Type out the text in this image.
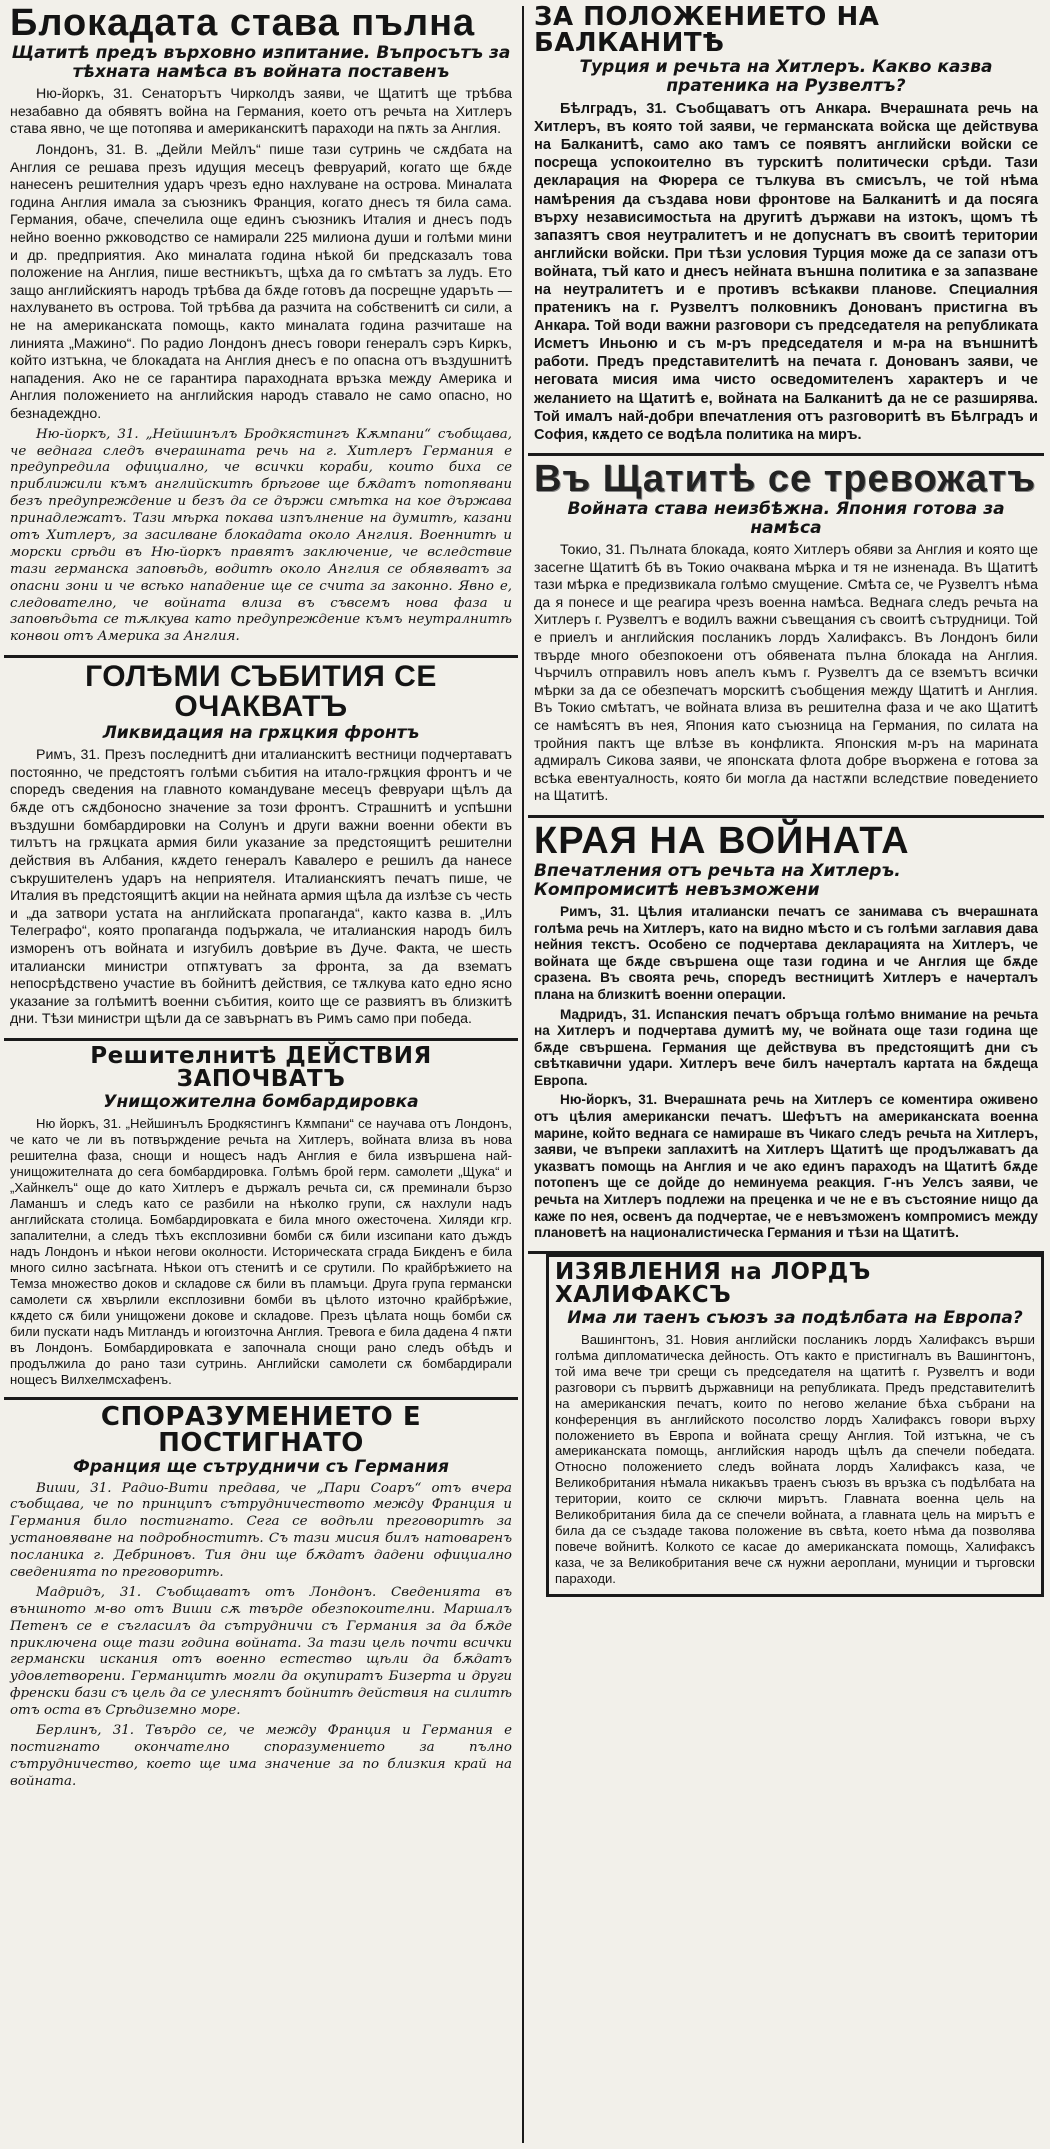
Блокадата става пълна
Щатитѣ предъ върховно изпитание. Въпросътъ за тѣхната намѣса въ войната поставенъ

Ню-йоркъ, 31. Сенаторътъ Чирколдъ заяви, че Щатитѣ ще трѣбва незабавно да обявятъ война на Германия, което отъ речьта на Хитлеръ става явно, че ще потопява и американскитѣ параходи на пѫть за Англия.

Лондонъ, 31. В. „Дейли Мейлъ“ пише тази сутринь че сѫдбата на Англия се решава презъ идущия месецъ февруарий, когато ще бѫде нанесенъ решителния ударъ чрезъ едно нахлуване на острова. Миналата година Англия имала за съюзникъ Франция, когато днесъ тя била сама. Германия, обаче, спечелила още единъ съюзникъ Италия и днесъ подъ нейно военно ржководство се намирали 225 милиона души и голѣми мини и др. предприятия. Ако миналата година нѣкой би предсказалъ това положение на Англия, пише вестникътъ, щѣха да го смѣтатъ за лудъ. Ето защо английскиятъ народъ трѣбва да бѫде готовъ да посрещне ударъть — нахлуването въ острова. Той трѣбва да разчита на собственитѣ си сили, а не на американската помощь, както миналата година разчиташе на линията „Мажино“. По радио Лондонъ днесъ говори генералъ сэръ Киркъ, който изтъкна, че блокадата на Англия днесъ е по опасна отъ въздушнитѣ нападения. Ако не се гарантира параходната връзка между Америка и Англия положението на английския народъ ставало не само опасно, но безнадеждно.

Ню-йоркъ, 31. „Нейшинълъ Бродкястингъ Кѫмпани“ съобщава, че веднага следъ вчерашната речь на г. Хитлеръ Германия е предупредила официално, че всички кораби, които биха се приближили къмъ английскитѣ брѣгове ще бѫдатъ потопявани безъ предупреждение и безъ да се държи смѣтка на кое държава принадлежатъ. Тази мѣрка покава изпълнение на думитѣ, казани отъ Хитлеръ, за засилване блокадата около Англия. Военнитѣ и морски срѣди въ Ню-йоркъ правятъ заключение, че вследствие тази германска заповѣдь, водитѣ около Англия се обявяватъ за опасни зони и че всѣко нападение ще се счита за законно. Явно е, следователно, че войната влиза въ съвсемъ нова фаза и заповѣдьта се тѫлкува като предупреждение къмъ неутралнитѣ конвои отъ Америка за Англия.

ГОЛѢМИ СЪБИТИЯ СЕ ОЧАКВАТЪ
Ликвидация на грѫцкия фронтъ

Римъ, 31. Презъ последнитѣ дни италианскитѣ вестници подчертаватъ постоянно, че предстоятъ голѣми събития на итало-грѫцкия фронтъ и че споредъ сведения на главното командуване месецъ февруари щѣлъ да бѫде отъ сѫдбоносно значение за този фронтъ. Страшнитѣ и успѣшни въздушни бомбардировки на Солунъ и други важни военни обекти въ тилътъ на грѫцката армия били указание за предстоящитѣ решителни действия въ Албания, кѫдето генералъ Кавалеро е решилъ да нанесе съкрушителенъ ударъ на неприятеля. Италианскиятъ печатъ пише, че Италия въ предстоящитѣ акции на нейната армия щѣла да излѣзе съ честь и „да затвори устата на английската пропаганда“, както казва в. „Илъ Телеграфо“, която пропаганда подържала, че италианския народъ билъ изморенъ отъ войната и изгубилъ довѣрие въ Дуче. Факта, че шесть италиански министри отпѫтуватъ за фронта, за да взематъ непосрѣдствено участие въ бойнитѣ действия, се тѫлкува като едно ясно указание за голѣмитѣ военни събития, които ще се развиятъ въ близкитѣ дни. Тѣзи министри щѣли да се завърнатъ въ Римъ само при победа.

Решителнитѣ ДЕЙСТВИЯ ЗАПОЧВАТЪ
Унищожителна бомбардировка

Ню йоркъ, 31. „Нейшинълъ Бродкястингъ Кѫмпани“ се научава отъ Лондонъ, че като че ли въ потвърждение речьта на Хитлеръ, войната влиза въ нова решителна фаза, снощи и нощесъ надъ Англия е била извършена най-унищожителната до сега бомбардировка. Голѣмъ брой герм. самолети „Щука“ и „Хайнкелъ“ още до като Хитлеръ е държалъ речьта си, сѫ преминали бързо Ламаншъ и следъ като се разбили на нѣколко групи, сѫ нахлули надъ английската столица. Бомбардировката е била много ожесточена. Хиляди кгр. запалителни, а следъ тѣхъ експлозивни бомби сѫ били изсипани като дъждъ надъ Лондонъ и нѣкои негови околности. Историческата сграда Бикденъ е била много силно засѣгната. Нѣкои отъ стенитѣ и се срутили. По крайбрѣжието на Темза множество доков и складове сѫ били въ пламъци. Друга група германски самолети сѫ хвърлили експлозивни бомби въ цѣлото източно крайбрѣжие, кѫдето сѫ били унищожени докове и складове. Презъ цѣлата нощь бомби сѫ били пускати надъ Митландъ и югоизточна Англия. Тревога е била дадена 4 пѫти въ Лондонъ. Бомбардировката е започнала снощи рано следъ обѣдъ и продължила до рано тази сутринь. Английски самолети сѫ бомбардирали нощесъ Вилхелмсхафенъ.

СПОРАЗУМЕНИЕТО Е ПОСТИГНАТО
Франция ще сътрудничи съ Германия

Виши, 31. Радио-Вити предава, че „Пари Соаръ“ отъ вчера съобщава, че по принципъ сътрудничеството между Франция и Германия било постигнато. Сега се водѣли преговоритѣ за установяване на подробноститѣ. Съ тази мисия билъ натоваренъ посланика г. Дебриновъ. Тия дни ще бѫдатъ дадени официално сведенията по преговоритѣ.

Мадридъ, 31. Съобщаватъ отъ Лондонъ. Сведенията въ външното м-во отъ Виши сѫ твърде обезпокоителни. Маршалъ Петенъ се е съгласилъ да сътрудничи съ Германия за да бѫде приключена още тази година войната. За тази цель почти всички германски искания отъ военно естество щѣли да бѫдатъ удовлетворени. Германцитѣ могли да окупиратъ Бизерта и други френски бази съ цель да се улеснятъ бойнитѣ действия на силитѣ отъ оста въ Срѣдиземно море.

Берлинъ, 31. Твърдо се, че между Франция и Германия е постигнато окончателно споразумението за пълно сътрудничество, което ще има значение за по близкия край на войната.

ЗА ПОЛОЖЕНИЕТО НА БАЛКАНИТѢ
Турция и речьта на Хитлеръ. Какво казва пратеника на Рузвелтъ?

Бѣлградъ, 31. Съобщаватъ отъ Анкара. Вчерашната речь на Хитлеръ, въ която той заяви, че германската войска ще действува на Балканитѣ, само ако тамъ се появятъ английски войски се посреща успокоително въ турскитѣ политически срѣди. Тази декларация на Фюрера се тълкува въ смисълъ, че той нѣма намѣрения да създава нови фронтове на Балканитѣ и да посяга върху независимостьта на другитѣ държави на изтокъ, щомъ тѣ запазятъ своя неутралитетъ и не допуснатъ въ своитѣ територии английски войски. При тѣзи условия Турция може да се запази отъ войната, тъй като и днесъ нейната външна политика е за запазване на неутралитетъ и е противъ всѣкакви планове. Специалния пратеникъ на г. Рузвелтъ полковникъ Донованъ пристигна въ Анкара. Той води важни разговори съ председателя на републиката Исметъ Иньоню и съ м-ръ председателя и м-ра на външнитѣ работи. Предъ представителитѣ на печата г. Донованъ заяви, че неговата мисия има чисто осведомителенъ характеръ и че желанието на Щатитѣ е, войната на Балканитѣ да не се разширява. Той ималъ най-добри впечатления отъ разговоритѣ въ Бѣлградъ и София, кѫдето се водѣла политика на миръ.

Въ Щатитѣ се тревожатъ
Войната става неизбѣжна. Япония готова за намѣса

Токио, 31. Пълната блокада, която Хитлеръ обяви за Англия и която ще засегне Щатитѣ бѣ въ Токио очаквана мѣрка и тя не изненада. Въ Щатитѣ тази мѣрка е предизвикала голѣмо смущение. Смѣта се, че Рузвелтъ нѣма да я понесе и ще реагира чрезъ военна намѣса. Веднага следъ речьта на Хитлеръ г. Рузвелтъ е водилъ важни съвещания съ своитѣ сътрудници. Той е приелъ и английския посланикъ лордъ Халифаксъ. Въ Лондонъ били твърде много обезпокоени отъ обявената пълна блокада на Англия. Чърчилъ отправилъ новъ апелъ къмъ г. Рузвелтъ да се вземътъ всички мѣрки за да се обезпечатъ морскитѣ съобщения между Щатитѣ и Англия. Въ Токио смѣтатъ, че войната влиза въ решителна фаза и че ако Щатитѣ се намѣсятъ въ нея, Япония като съюзница на Германия, по силата на тройния пактъ ще влѣзе въ конфликта. Японския м-ръ на марината адмиралъ Сикова заяви, че японската флота добре въоржена е готова за всѣка евентуалность, която би могла да настѫпи вследствие поведението на Щатитѣ.

КРАЯ НА ВОЙНАТА
Впечатления отъ речьта на Хитлеръ. Компромиситѣ невъзможени

Римъ, 31. Цѣлия италиански печатъ се занимава съ вчерашната голѣма речь на Хитлеръ, като на видно мѣсто и съ голѣми заглавия дава нейния текстъ. Особено се подчертава декларацията на Хитлеръ, че войната ще бѫде свършена още тази година и че Англия ще бѫде сразена. Въ своята речь, споредъ вестницитѣ Хитлеръ е начерталъ плана на близкитѣ военни операции.

Мадридъ, 31. Испанския печатъ обръща голѣмо внимание на речьта на Хитлеръ и подчертава думитѣ му, че войната още тази година ще бѫде свършена. Германия ще действува въ предстоящитѣ дни съ свѣткавични удари. Хитлеръ вече билъ начерталъ картата на бѫдеща Европа.

Ню-йоркъ, 31. Вчерашната речь на Хитлеръ се коментира оживено отъ цѣлия американски печатъ. Шефътъ на американската военна марине, който веднага се намираше въ Чикаго следъ речьта на Хитлеръ, заяви, че въпреки заплахитѣ на Хитлеръ Щатитѣ ще продължаватъ да указватъ помощь на Англия и че ако единъ параходъ на Щатитѣ бѫде потопенъ ще се дойде до неминуема реакция. Г-нъ Уелсъ заяви, че речьта на Хитлеръ подлежи на преценка и че не е въ състояние нищо да каже по нея, освенъ да подчертае, че е невъзможенъ компромисъ между плановетѣ на националистическа Германия и тѣзи на Щатитѣ.

ИЗЯВЛЕНИЯ на ЛОРДЪ ХАЛИФАКСЪ
Има ли таенъ съюзъ за подѣлбата на Европа?

Вашингтонъ, 31. Новия английски посланикъ лордъ Халифаксъ върши голѣма дипломатическа дейность. Отъ както е пристигналъ въ Вашингтонъ, той има вече три срещи съ председателя на щатитѣ г. Рузвелтъ и води разговори съ първитѣ държавници на републиката. Предъ представителитѣ на американския печатъ, които по негово желание бѣха събрани на конференция въ английското посолство лордъ Халифаксъ говори върху положението въ Европа и войната срещу Англия. Той изтъкна, че съ американската помощь, английския народъ щѣлъ да спечели победата. Относно положението следъ войната лордъ Халифаксъ каза, че Великобритания нѣмала никакъвъ траенъ съюзъ въ връзка съ подѣлбата на територии, които се сключи мирътъ. Главната военна цель на Великобритания била да се спечели войната, а главната цель на мирътъ е била да се създаде такова положение въ свѣта, което нѣма да позволява повече войнитѣ. Колкото се касае до американската помощь, Халифаксъ каза, че за Великобритания вече сѫ нужни аероплани, муниции и търговски параходи.
